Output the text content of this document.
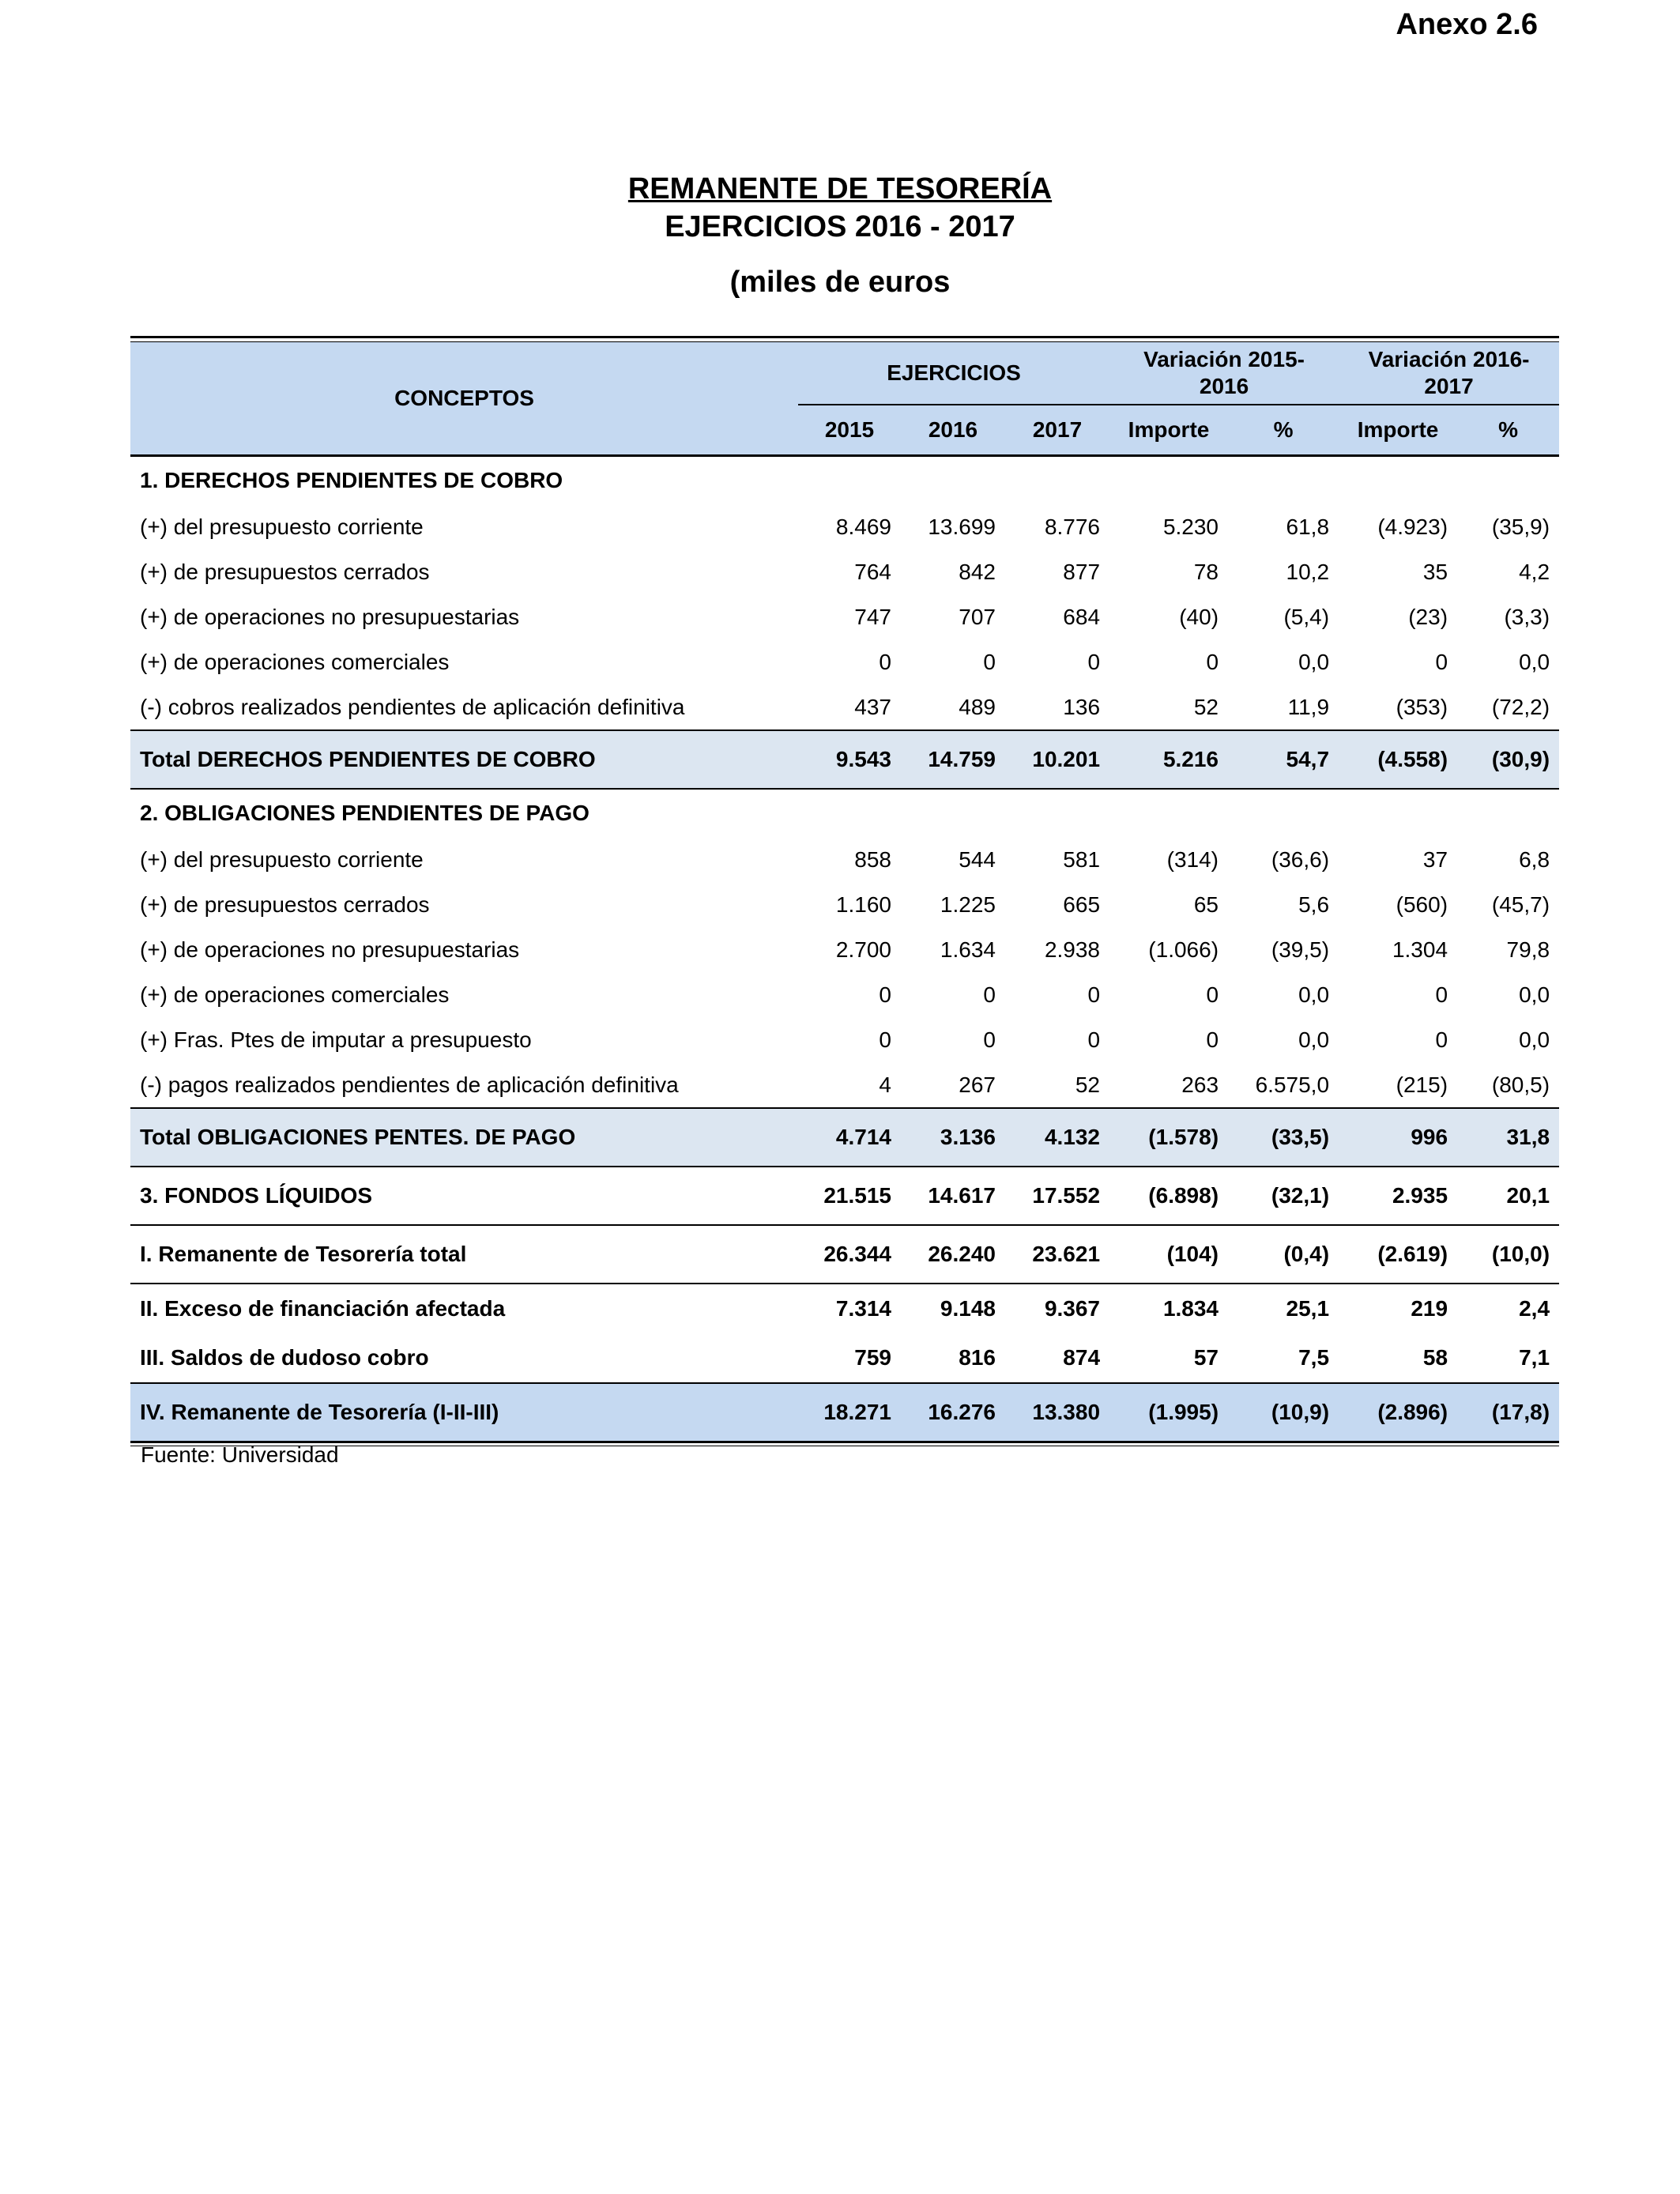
Anexo 2.6
REMANENTE DE TESORERÍA
EJERCICIOS 2016 - 2017
(miles de euros
CONCEPTOS	EJERCICIOS			Variación 2015-2016		Variación 2016-2017	
	2015	2016	2017	Importe	%	Importe	%
1. DERECHOS PENDIENTES DE COBRO							
(+) del presupuesto corriente	8.469	13.699	8.776	5.230	61,8	(4.923)	(35,9)
(+) de presupuestos cerrados	764	842	877	78	10,2	35	4,2
(+) de operaciones no presupuestarias	747	707	684	(40)	(5,4)	(23)	(3,3)
(+) de operaciones comerciales	0	0	0	0	0,0	0	0,0
(-) cobros realizados pendientes de aplicación definitiva	437	489	136	52	11,9	(353)	(72,2)
Total DERECHOS PENDIENTES DE COBRO	9.543	14.759	10.201	5.216	54,7	(4.558)	(30,9)
2. OBLIGACIONES PENDIENTES DE PAGO							
(+) del presupuesto corriente	858	544	581	(314)	(36,6)	37	6,8
(+) de presupuestos cerrados	1.160	1.225	665	65	5,6	(560)	(45,7)
(+) de operaciones no presupuestarias	2.700	1.634	2.938	(1.066)	(39,5)	1.304	79,8
(+) de operaciones comerciales	0	0	0	0	0,0	0	0,0
(+) Fras. Ptes de imputar a presupuesto	0	0	0	0	0,0	0	0,0
(-) pagos realizados pendientes de aplicación definitiva	4	267	52	263	6.575,0	(215)	(80,5)
Total OBLIGACIONES PENTES. DE PAGO	4.714	3.136	4.132	(1.578)	(33,5)	996	31,8
3. FONDOS LÍQUIDOS	21.515	14.617	17.552	(6.898)	(32,1)	2.935	20,1
I. Remanente de Tesorería total	26.344	26.240	23.621	(104)	(0,4)	(2.619)	(10,0)
II. Exceso de financiación afectada	7.314	9.148	9.367	1.834	25,1	219	2,4
III. Saldos de dudoso cobro	759	816	874	57	7,5	58	7,1
IV. Remanente de Tesorería (I-II-III)	18.271	16.276	13.380	(1.995)	(10,9)	(2.896)	(17,8)
Fuente: Universidad
